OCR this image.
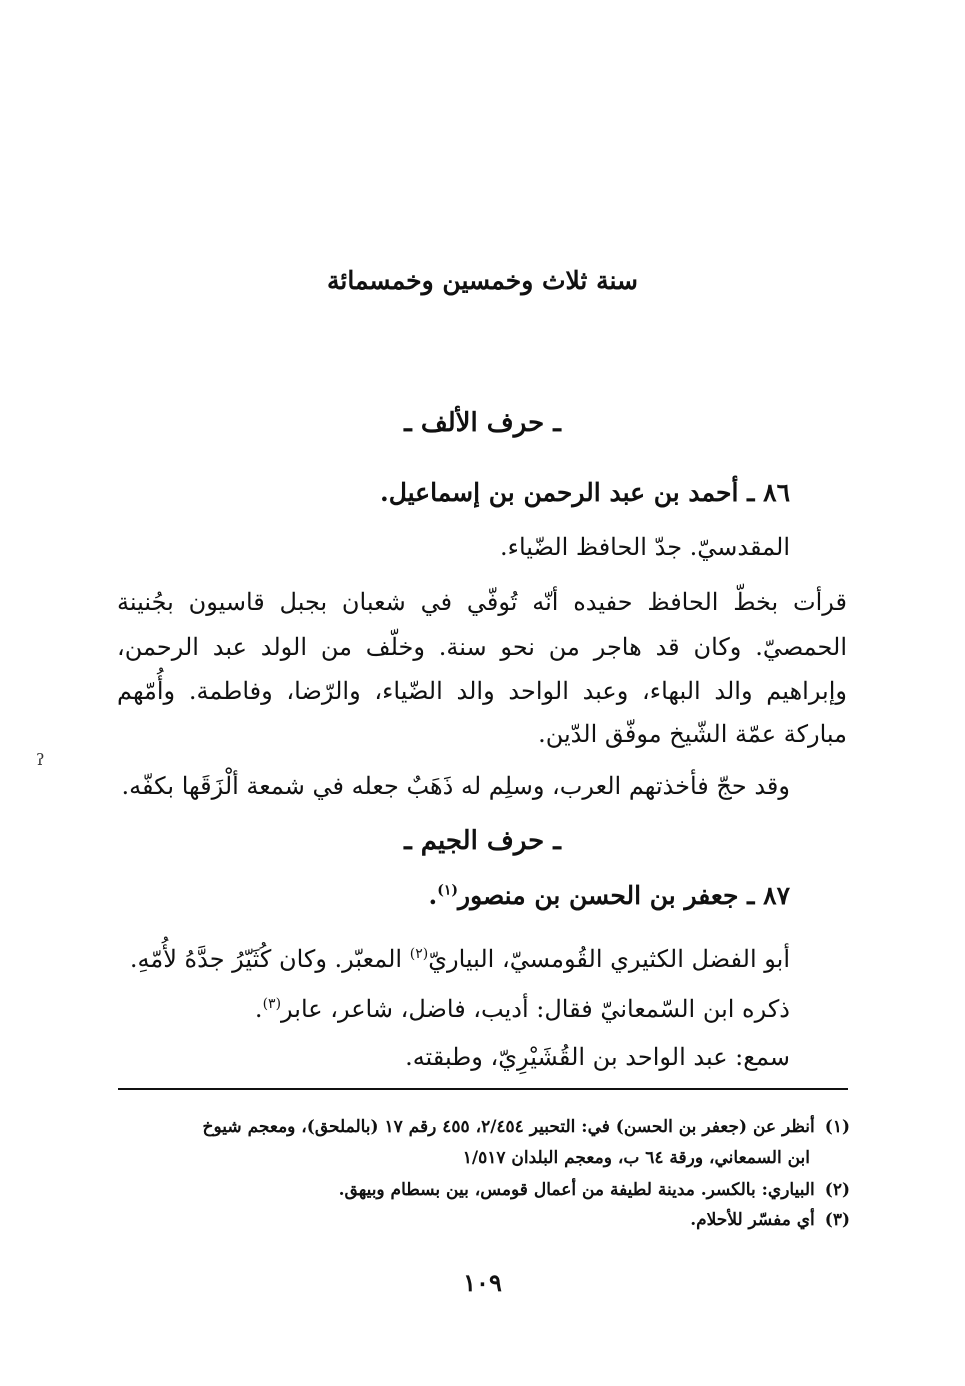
سنة ثلاث وخمسين وخمسمائة
ـ حرف الألف ـ
٨٦ ـ أحمد بن عبد الرحمن بن إسماعيل.
المقدسيّ. جدّ الحافظ الضّياء.
قرأت بخطّ الحافظ حفيده أنّه تُوفّي في شعبان بجبل قاسيون بجُنينة
الحمصيّ. وكان قد هاجر من نحو سنة. وخلّف من الولد عبد الرحمن،
وإبراهيم والد البهاء، وعبد الواحد والد الضّياء، والرّضا، وفاطمة. وأُمّهم
مباركة عمّة الشّيخ موفّق الدّين.
وقد حجّ فأخذتهم العرب، وسلِم له ذَهَبٌ جعله في شمعة ألْزَقَها بكفّه.
ـ حرف الجيم ـ
٨٧ ـ جعفر بن الحسن بن منصور$^{(١)}$.
أبو الفضل الكثيري القُومسيّ، البياريّ$^{(٢)}$ المعبّر. وكان كُثَيّرُ جدَّهُ لأُمّهِ.
ذكره ابن السّمعانيّ فقال: أديب، فاضل، شاعر، عابر$^{(٣)}$.
سمع: عبد الواحد بن القُشَيْرِيّ، وطبقته.
(١)أنظر عن (جعفر بن الحسن) في: التحبير ٢/٤٥٤، ٤٥٥ رقم ١٧ (بالملحق)، ومعجم شيوخ
ابن السمعاني، ورقة ٦٤ ب، ومعجم البلدان ١/٥١٧
(٢)البياري: بالكسر. مدينة لطيفة من أعمال قومس، بين بسطام وبيهق.
(٣)أي مفسّر للأحلام.
١٠٩
ʔ
